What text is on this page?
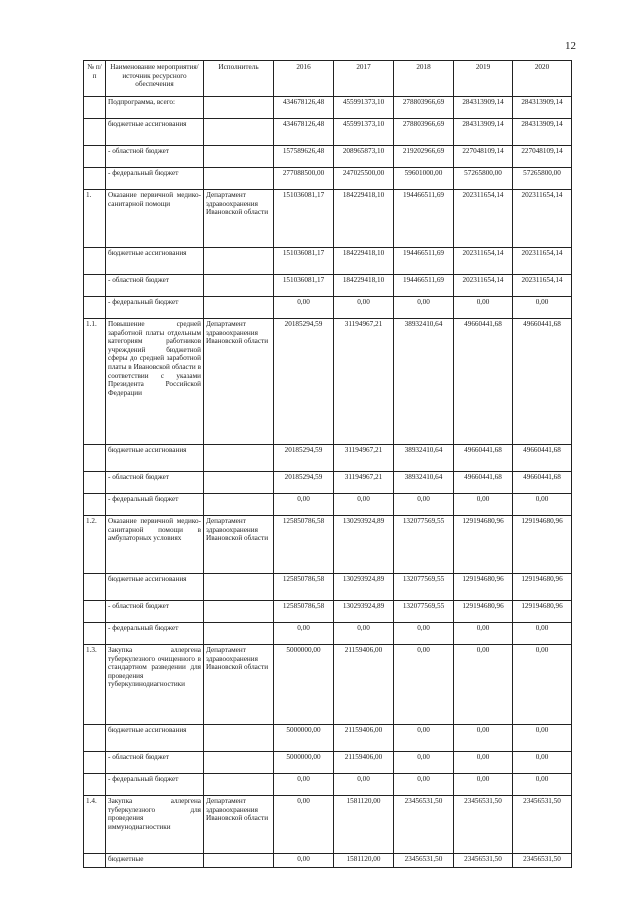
12
№ п/п	Наименование мероприятия/источник ресурсного обеспечения	Исполнитель	2016	2017	2018	2019	2020
	Подпрограмма, всего:		434678126,48	455991373,10	278803966,69	284313909,14	284313909,14
	бюджетные ассигнования		434678126,48	455991373,10	278803966,69	284313909,14	284313909,14
	- областной бюджет		157589626,48	208965873,10	219202966,69	227048109,14	227048109,14
	- федеральный бюджет		277088500,00	247025500,00	59601000,00	57265800,00	57265800,00
1.	Оказание первичной медико-санитарной помощи	Департамент здравоохранения Ивановской области	151036081,17	184229418,10	194466511,69	202311654,14	202311654,14
	бюджетные ассигнования		151036081,17	184229418,10	194466511,69	202311654,14	202311654,14
	- областной бюджет		151036081,17	184229418,10	194466511,69	202311654,14	202311654,14
	- федеральный бюджет		0,00	0,00	0,00	0,00	0,00
1.1.	Повышение средней заработной платы отдельным категориям работников учреждений бюджетной сферы до средней заработной платы в Ивановской области в соответствии с указами Президента Российской Федерации	Департамент здравоохранения Ивановской области	20185294,59	31194967,21	38932410,64	49660441,68	49660441,68
	бюджетные ассигнования		20185294,59	31194967,21	38932410,64	49660441,68	49660441,68
	- областной бюджет		20185294,59	31194967,21	38932410,64	49660441,68	49660441,68
	- федеральный бюджет		0,00	0,00	0,00	0,00	0,00
1.2.	Оказание первичной медико-санитарной помощи в амбулаторных условиях	Департамент здравоохранения Ивановской области	125850786,58	130293924,89	132077569,55	129194680,96	129194680,96
	бюджетные ассигнования		125850786,58	130293924,89	132077569,55	129194680,96	129194680,96
	- областной бюджет		125850786,58	130293924,89	132077569,55	129194680,96	129194680,96
	- федеральный бюджет		0,00	0,00	0,00	0,00	0,00
1.3.	Закупка аллергена туберкулезного очищенного в стандартном разведении для проведения туберкулинодиагностики	Департамент здравоохранения Ивановской области	5000000,00	21159406,00	0,00	0,00	0,00
	бюджетные ассигнования		5000000,00	21159406,00	0,00	0,00	0,00
	- областной бюджет		5000000,00	21159406,00	0,00	0,00	0,00
	- федеральный бюджет		0,00	0,00	0,00	0,00	0,00
1.4.	Закупка аллергена туберкулезного для проведения иммунодиагностики	Департамент здравоохранения Ивановской области	0,00	1581120,00	23456531,50	23456531,50	23456531,50
	бюджетные		0,00	1581120,00	23456531,50	23456531,50	23456531,50
